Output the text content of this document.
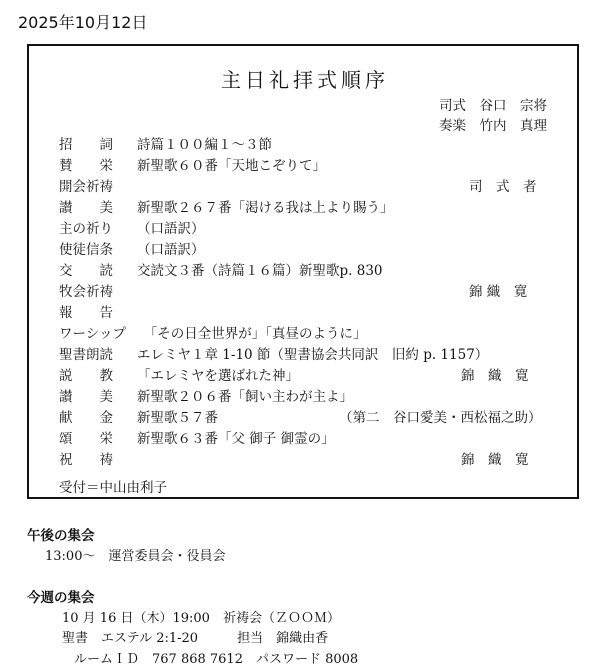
2025年10月12日
主日礼拝式順序
司式　 谷口　宗将
奏楽　 竹内　真理
招　　詞 詩篇１００編１～３節
賛　　栄 新聖歌６０番「天地こぞりて」
開会祈祷	司　式　者
讃　　美 新聖歌２６７番「渇ける我は上より賜う」
主の祈り （口語訳）
使徒信条 （口語訳）
交　　読 交読文３番（詩篇１６篇）新聖歌p. 830
牧会祈祷	錦 織　寛
報　　告
ワーシップ　「その日全世界が」「真昼のように」
聖書朗読 エレミヤ１章 1-10 節（聖書協会共同訳　旧約 p. 1157）
説　　教 「エレミヤを選ばれた神」	錦　織　寛
讃　　美 新聖歌２０６番「飼い主わが主よ」
献　　金 新聖歌５７番	（第二　谷口愛美・西松福之助）
頌　　栄 新聖歌６３番「父 御子 御霊の」
祝　　祷	錦　織　寛
受付＝中山由利子
午後の集会
13:00～　運営委員会・役員会
今週の集会
10 月 16 日（木）19:00　祈祷会（ＺＯＯＭ）
聖書　エステル 2:1-20　　　担当　錦織由香
ルームＩＤ　767 868 7612　パスワード 8008
